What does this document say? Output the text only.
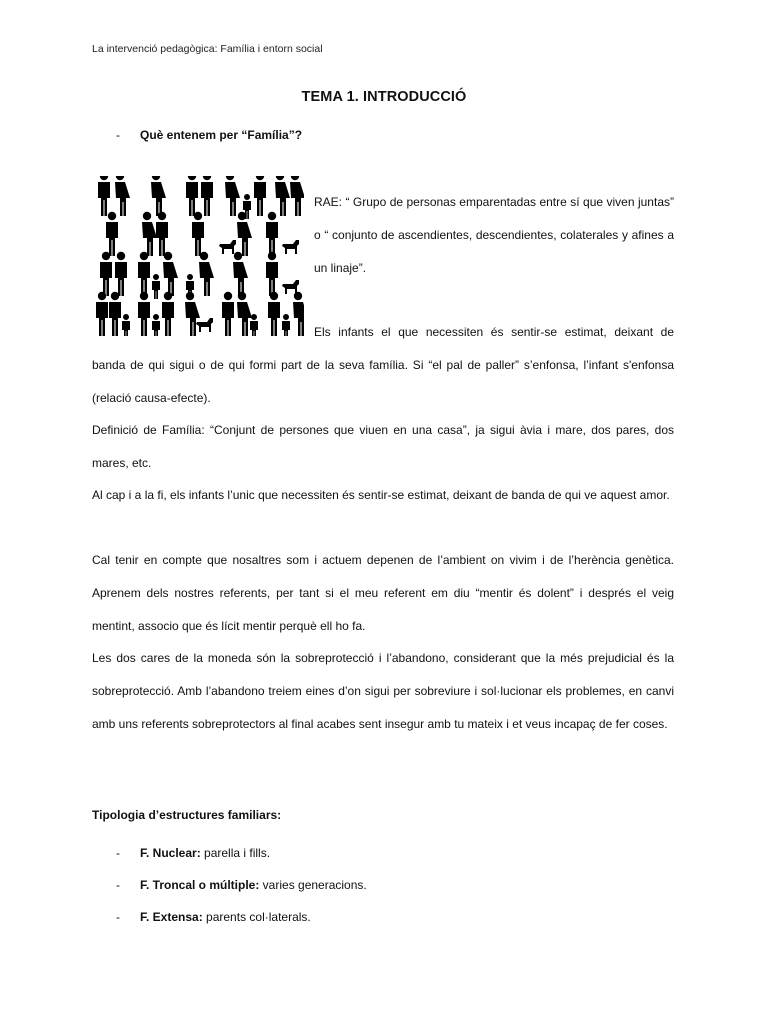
La intervenció pedagògica: Família i entorn social
TEMA 1. INTRODUCCIÓ
- Què entenem per “Família”?
RAE: “ Grupo de personas emparentadas entre sí que viven juntas” o “ conjunto de ascendientes, descendientes, colaterales y afines a un linaje”.
Els infants el que necessiten és sentir-se estimat, deixant de
banda de qui sigui o de qui formi part de la seva família. Si “el pal de paller” s’enfonsa, l’infant s'enfonsa (relació causa-efecte).
Definició de Família: “Conjunt de persones que viuen en una casa”, ja sigui àvia i mare, dos pares, dos mares, etc.
Al cap i a la fi, els infants l’unic que necessiten és sentir-se estimat, deixant de banda de qui ve aquest amor.
Cal tenir en compte que nosaltres som i actuem depenen de l’ambient on vivim i de l’herència genètica. Aprenem dels nostres referents, per tant si el meu referent em diu “mentir és dolent” i després el veig mentint, associo que és lícit mentir perquè ell ho fa.
Les dos cares de la moneda són la sobreprotecció i l’abandono, considerant que la més prejudicial és la sobreprotecció. Amb l’abandono treiem eines d’on sigui per sobreviure i sol·lucionar els problemes, en canvi amb uns referents sobreprotectors al final acabes sent insegur amb tu mateix i et veus incapaç de fer coses.
Tipologia d’estructures familiars:
- F. Nuclear: parella i fills.
- F. Troncal o múltiple: varies generacions.
- F. Extensa: parents col·laterals.
